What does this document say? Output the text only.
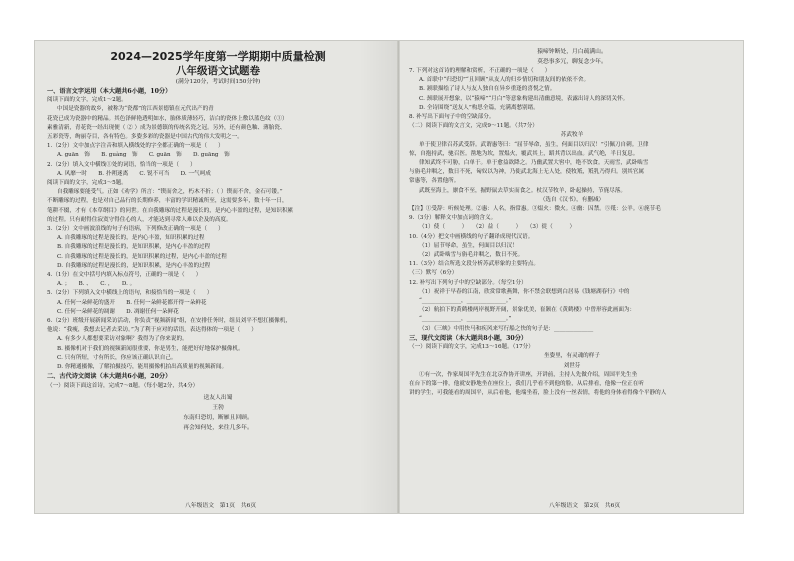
2024—2025学年度第一学期期中质量检测
八年级语文试题卷
(满分120分，考试时间150分钟)
一、语言文字运用（本大题共6小题，10分）
阅读下面的文字，完成1～2题。
中国是瓷器的故乡，被称为“瓷都”的江西景德镇在元代出产的青
花瓷已成为瓷器中的精品。其色泽鲜艳透明如水，胎体质薄轻巧，洁白的瓷体上敷以蓝色纹（①）
素雅清新，青花瓷一经出现便（ ② ）成为景德镇的传统名瓷之冠。另外，还有颜色釉、薄胎瓷、
五彩瓷等，绚丽夺目，各有特色。多姿多彩的瓷器是中国古代的伟大发明之一。
1.（2分）文中加点字注音和填入横线处的字全都正确的一项是（　　）
A. guān　饰　　B. guàng　饰　　C. guān　饰　　D. guāng　饰
2.（2分）填入文中横线①处的词语，恰当的一项是（　　）
A. 风靡一时　　B. 扑朔迷离　　C. 锐不可当　　D. 一气呵成
阅读下面的文字，完成3～5题。
自我雕琢要能受气。正如《劝学》所言：“锲而舍之，朽木不折；（ ）锲而不舍，金石可镂。”
不断雕琢的过程，也是对自己品行的长期修养，丰富的学识精诚所至，这需要多年，数十年一日，
笔耕不辍，才有《本草纲目》的问世。在自我雕琢的过程是漫长的，是内心丰盈的过程，是知识积累
的过程。只有耐得住寂寞守得住心的人，才能达到寻常人难以企及的高度。
3.（2分）文中画波浪线的句子有语病，下列修改正确的一项是（　　）
A. 自我雕琢的过程是漫长的，是内心丰盈，知识积累的过程
B. 自我雕琢的过程是漫长的，是知识积累，是内心丰盈的过程
C. 自我雕琢的过程是漫长的，是知识积累的过程，是内心丰盈的过程
D. 自我雕琢的过程是漫长的，是知识积累，是内心丰盈的过程
4.（1分）在文中括号内填入标点符号，正确的一项是（　　）
A. ；　　B. 、　　C. ，　　D. 。
5.（2分）下列填入文中横线上的语句，和接恰当的一项是（　　）
A. 任何一朵鲜花的盛开　　B. 任何一朵鲜花都开得一朵鲜花
C. 任何一朵鲜花的凋谢　　D. 凋谢任何一朵鲜花
6.（2分）班级开展新闻采访活动，你负责“视频新闻”组，在安排任务时，组员刘平不想扛摄像机，
他说：“我瘦，我想去记者去采访。”为了利于应对的话语，表达得体的一项是（　　）
A. 有多少人都想要采访对象啊？我得为了你来说的。
B. 摄像机对于我们的视频新闻很重要，你是男生，能把好好地保护摄像机。
C. 只有所短，寸有所长，你应该正确认识自己。
D. 你精通摄像，了解拍摄技巧，能用摄像机拍出高质量的视频新闻。
二、古代诗文阅读（本大题共6小题，20分）
（一）阅读下面这首诗，完成7～8题。（每小题2分，共4分）
送友人出蜀
王勃
东南归恐切，断雁且回顾。
再会知何处，来往几多年。
八年级语文　第1页　共6页
猿啼钟断处，月白疏满山。
莫恐事多冗，聊复念少年。
7. 下列对这首诗的理解和赏析，不正确的一项是（　　）
A. 首联中“归恐切”“且回顾”从友人的归乡情切和朋友间的依依不舍。
B. 颔联描绘了诗人与友人独自在异乡重逢的喜悦之情。
C. 颈联展开想象，以“猿啼”“月白”等意象构建出清幽意境，表露出诗人的深切关怀。
D. 全诗围绕“送友人”构思全篇，充满离愁别绪。
8. 补写出下面句子中的空缺部分。
（二）阅读下面的文言文，完成9～11题。（共7分）
苏武牧羊
单于使卫律召苏武受辞。武谓惠等曰：“屈节辱命，虽生，何面目以归汉！”引佩刀自刺。卫律
惊，自抱持武，驰召医。凿地为坎，置煴火，覆武其上，蹈其背以出血。武气绝，半日复息。
律知武终不可胁，白单于。单于愈益欲降之。乃幽武置大窖中，绝不饮食。天雨雪，武卧啮雪
与旃毛并咽之，数日不死，匈奴以为神，乃徙武北海上无人处，使牧羝，羝乳乃得归。别其官属
常惠等，各置他所。
武既至海上，廪食不至，掘野鼠去草实而食之。杖汉节牧羊，卧起操持，节旄尽落。
（选自《汉书》，有删减）
【注】①受辞：听候处理。②惠：人名，指常惠。③煴火：微火。④幽：囚禁。⑤羝：公羊。⑥旄节毛
9.（3分）解释文中加点词的含义。
（1）使（　　　）　　（2）益（　　　）　　（3）徙（　　　）
10.（4分）把文中画横线的句子翻译成现代汉语。
（1）屈节辱命，虽生，何面目以归汉！
（2）武卧啮雪与旃毛并咽之，数日不死。
11.（3分）结合所选文段分析苏武形象的主要特点。
（三）默写（6分）
12. 补写出下列句子中的空缺部分。（每空1分）
（1）祝祥于早春的江南，欣赏常歌燕舞，你不禁会联想到白居易《钱塘湖春行》中的
“______________，______________。”
（2）航拍下的黄鹤楼两岸视野开阔，景象优美，崔颢在《黄鹤楼》中曾形容此画面为：
“______________，______________。”
（3）《三峡》中用快马和疾风来写行船之快的句子是：______________
三、现代文阅读（本大题共8小题，30分）
（一）阅读下面的文字，完成13～16题。（17分）
坐姿里，有灵魂的样子
刘世芬
①有一次，作家周国平先生在北京作协开讲座，开讲前，主持人先做介绍，周国平先生坐
在台下的第一排，他就安静地坐在座位上，我们几乎看不到他的脸，从后排看，他像一位正在听
讲的学生，可我能看的周国平，从后看他，他端坐着，脸上没有一丝表情，将他的身体看得像个平静的人
八年级语文　第2页　共6页
